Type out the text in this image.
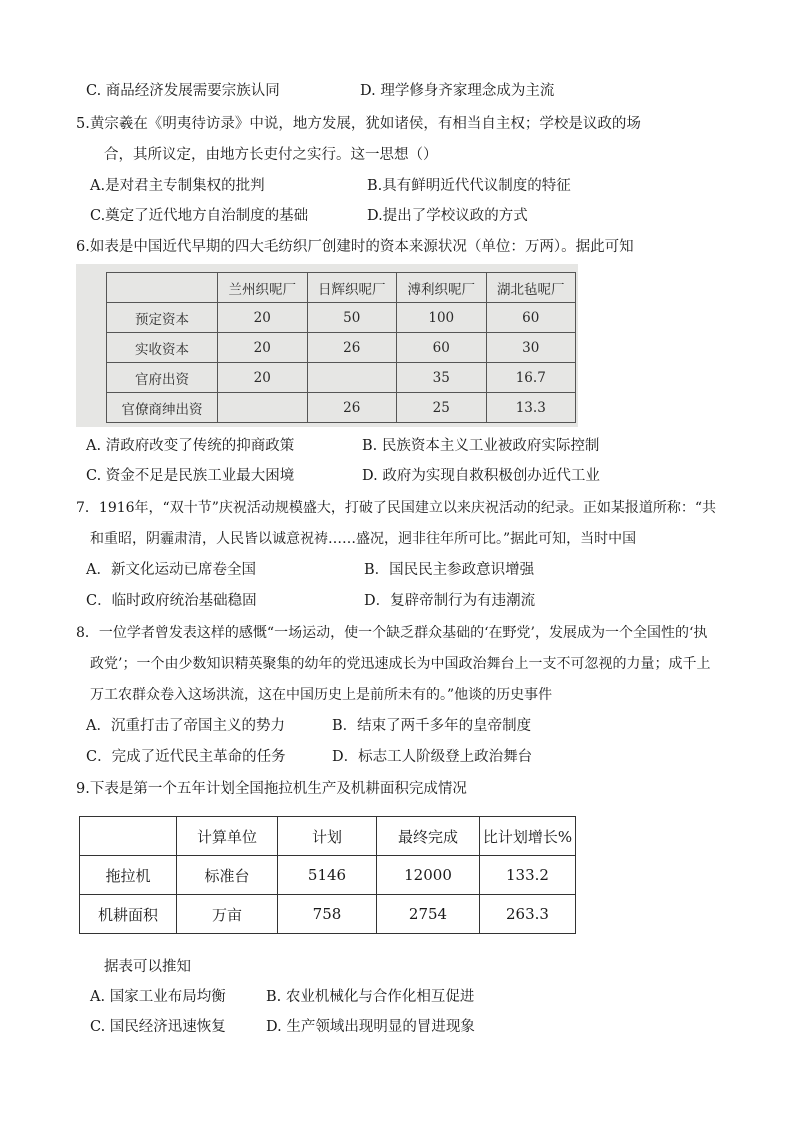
C. 商品经济发展需要宗族认同	D. 理学修身齐家理念成为主流
5.黄宗羲在《明夷待访录》中说，地方发展，犹如诸侯，有相当自主权；学校是议政的场
合，其所议定，由地方长吏付之实行。这一思想（）
A.是对君主专制集权的批判	B.具有鲜明近代代议制度的特征
C.奠定了近代地方自治制度的基础	D.提出了学校议政的方式
6.如表是中国近代早期的四大毛纺织厂创建时的资本来源状况（单位：万两）。据此可知
	兰州织呢厂	日辉织呢厂	溥利织呢厂	湖北毡呢厂
预定资本	20	50	100	60
实收资本	20	26	60	30
官府出资	20		35	16.7
官僚商绅出资		26	25	13.3
A. 清政府改变了传统的抑商政策	B. 民族资本主义工业被政府实际控制
C. 资金不足是民族工业最大困境	D. 政府为实现自救积极创办近代工业
7．1916年，“双十节”庆祝活动规模盛大，打破了民国建立以来庆祝活动的纪录。正如某报道所称：“共
和重昭，阴霾肃清，人民皆以诚意祝祷……盛况，迥非往年所可比。”据此可知，当时中国
A．新文化运动已席卷全国	B．国民民主参政意识增强
C．临时政府统治基础稳固	D．复辟帝制行为有违潮流
8．一位学者曾发表这样的感慨“一场运动，使一个缺乏群众基础的‘在野党’，发展成为一个全国性的‘执
政党’；一个由少数知识精英聚集的幼年的党迅速成长为中国政治舞台上一支不可忽视的力量；成千上
万工农群众卷入这场洪流，这在中国历史上是前所未有的。”他谈的历史事件
A．沉重打击了帝国主义的势力	B．结束了两千多年的皇帝制度
C．完成了近代民主革命的任务	D．标志工人阶级登上政治舞台
9.下表是第一个五年计划全国拖拉机生产及机耕面积完成情况
	计算单位	计划	最终完成	比计划增长%
拖拉机	标准台	5146	12000	133.2
机耕面积	万亩	758	2754	263.3
据表可以推知
A. 国家工业布局均衡	B. 农业机械化与合作化相互促进
C. 国民经济迅速恢复	D. 生产领域出现明显的冒进现象
